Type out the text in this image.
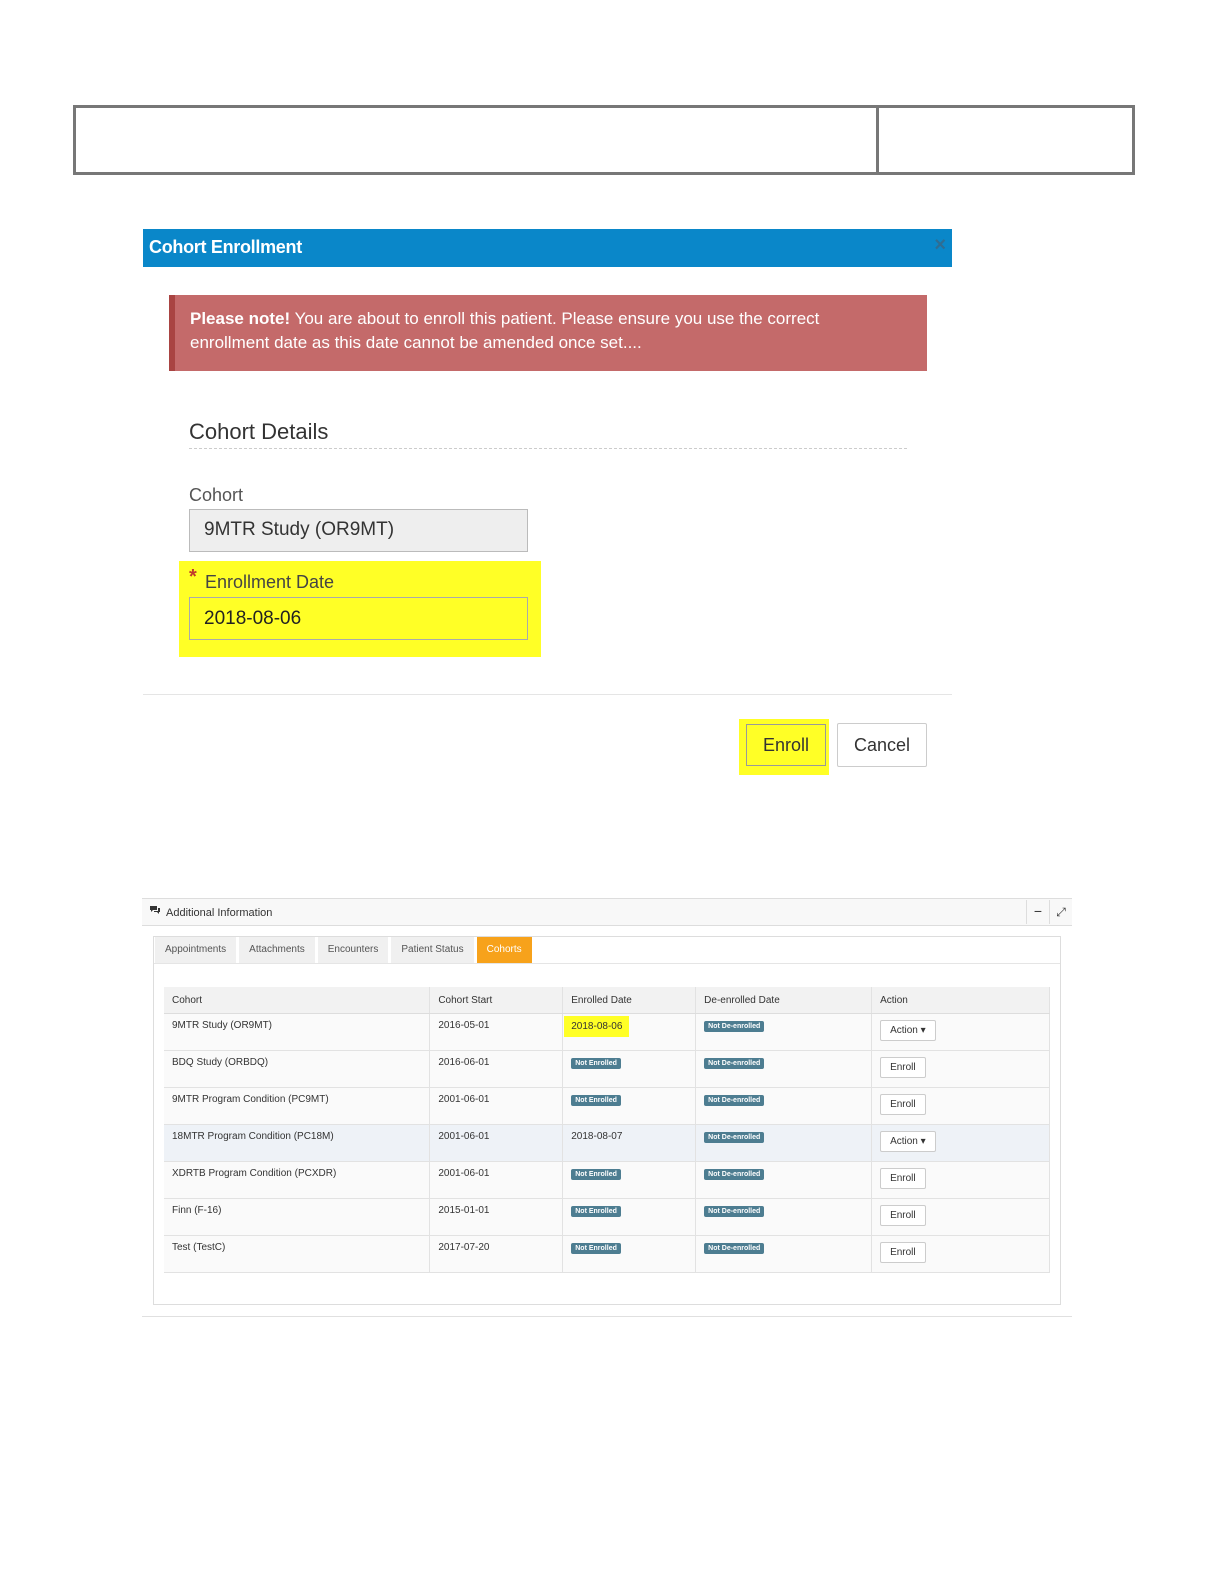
Cohort Enrollment	×
Please note! You are about to enroll this patient. Please ensure you use the correct
enrollment date as this date cannot be amended once set....
Cohort Details
Cohort
9MTR Study (OR9MT)
* Enrollment Date
2018-08-06
Enroll	Cancel
Additional Information	−	⤢
Appointments	Attachments	Encounters	Patient Status	Cohorts
Cohort	Cohort Start	Enrolled Date	De-enrolled Date	Action
9MTR Study (OR9MT)	2016-05-01	2018-08-06	Not De-enrolled	Action ▾
BDQ Study (ORBDQ)	2016-06-01	Not Enrolled	Not De-enrolled	Enroll
9MTR Program Condition (PC9MT)	2001-06-01	Not Enrolled	Not De-enrolled	Enroll
18MTR Program Condition (PC18M)	2001-06-01	2018-08-07	Not De-enrolled	Action ▾
XDRTB Program Condition (PCXDR)	2001-06-01	Not Enrolled	Not De-enrolled	Enroll
Finn (F-16)	2015-01-01	Not Enrolled	Not De-enrolled	Enroll
Test (TestC)	2017-07-20	Not Enrolled	Not De-enrolled	Enroll
